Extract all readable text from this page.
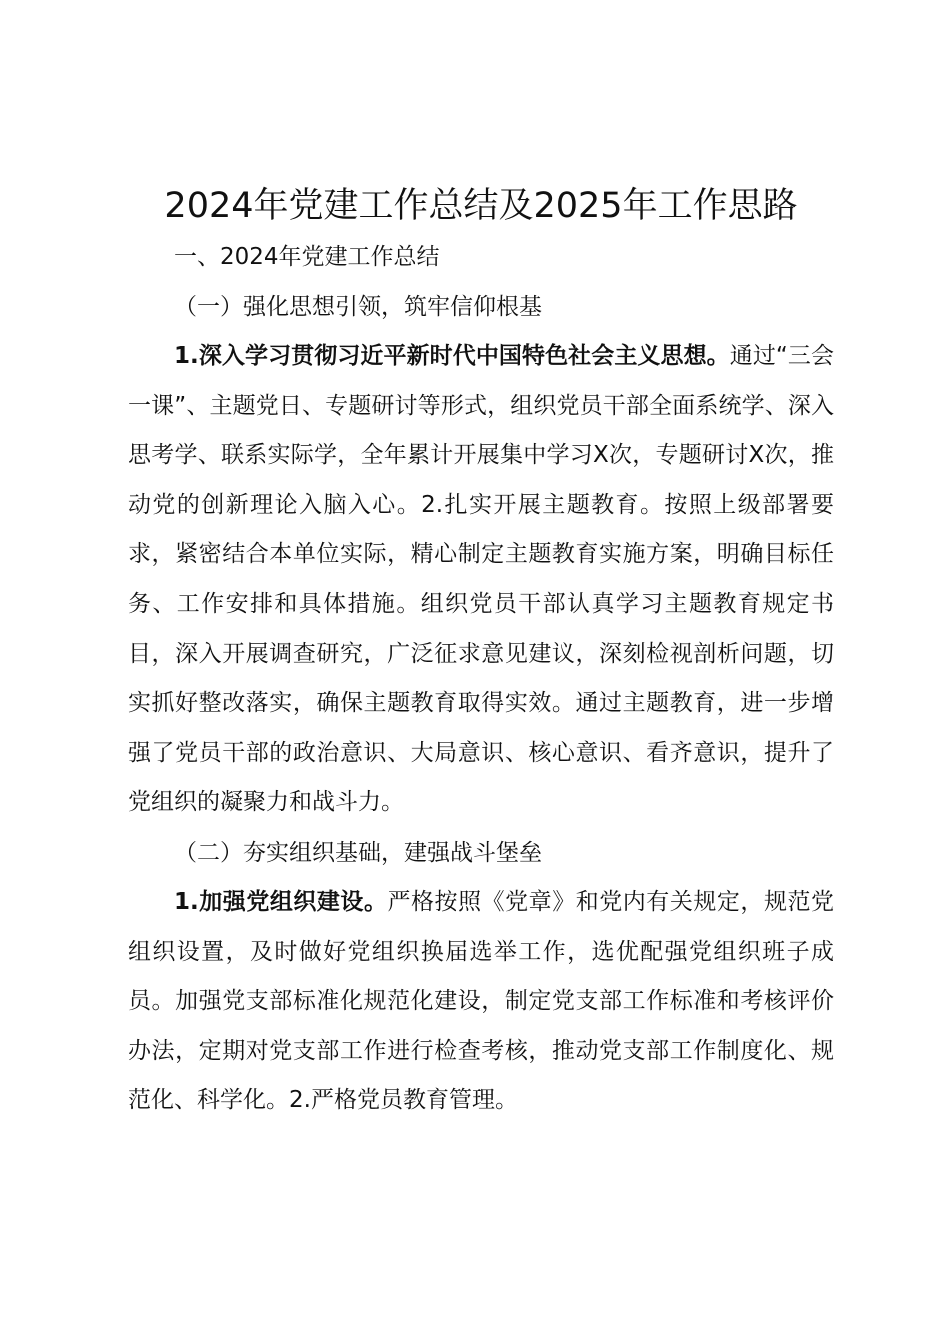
2024年党建工作总结及2025年工作思路

一、2024年党建工作总结

（一）强化思想引领，筑牢信仰根基

1.深入学习贯彻习近平新时代中国特色社会主义思想。通过“三会一课”、主题党日、专题研讨等形式，组织党员干部全面系统学、深入思考学、联系实际学，全年累计开展集中学习X次，专题研讨X次，推动党的创新理论入脑入心。2.扎实开展主题教育。按照上级部署要求，紧密结合本单位实际，精心制定主题教育实施方案，明确目标任务、工作安排和具体措施。组织党员干部认真学习主题教育规定书目，深入开展调查研究，广泛征求意见建议，深刻检视剖析问题，切实抓好整改落实，确保主题教育取得实效。通过主题教育，进一步增强了党员干部的政治意识、大局意识、核心意识、看齐意识，提升了党组织的凝聚力和战斗力。

（二）夯实组织基础，建强战斗堡垒

1.加强党组织建设。严格按照《党章》和党内有关规定，规范党组织设置，及时做好党组织换届选举工作，选优配强党组织班子成员。加强党支部标准化规范化建设，制定党支部工作标准和考核评价办法，定期对党支部工作进行检查考核，推动党支部工作制度化、规范化、科学化。2.严格党员教育管理。
